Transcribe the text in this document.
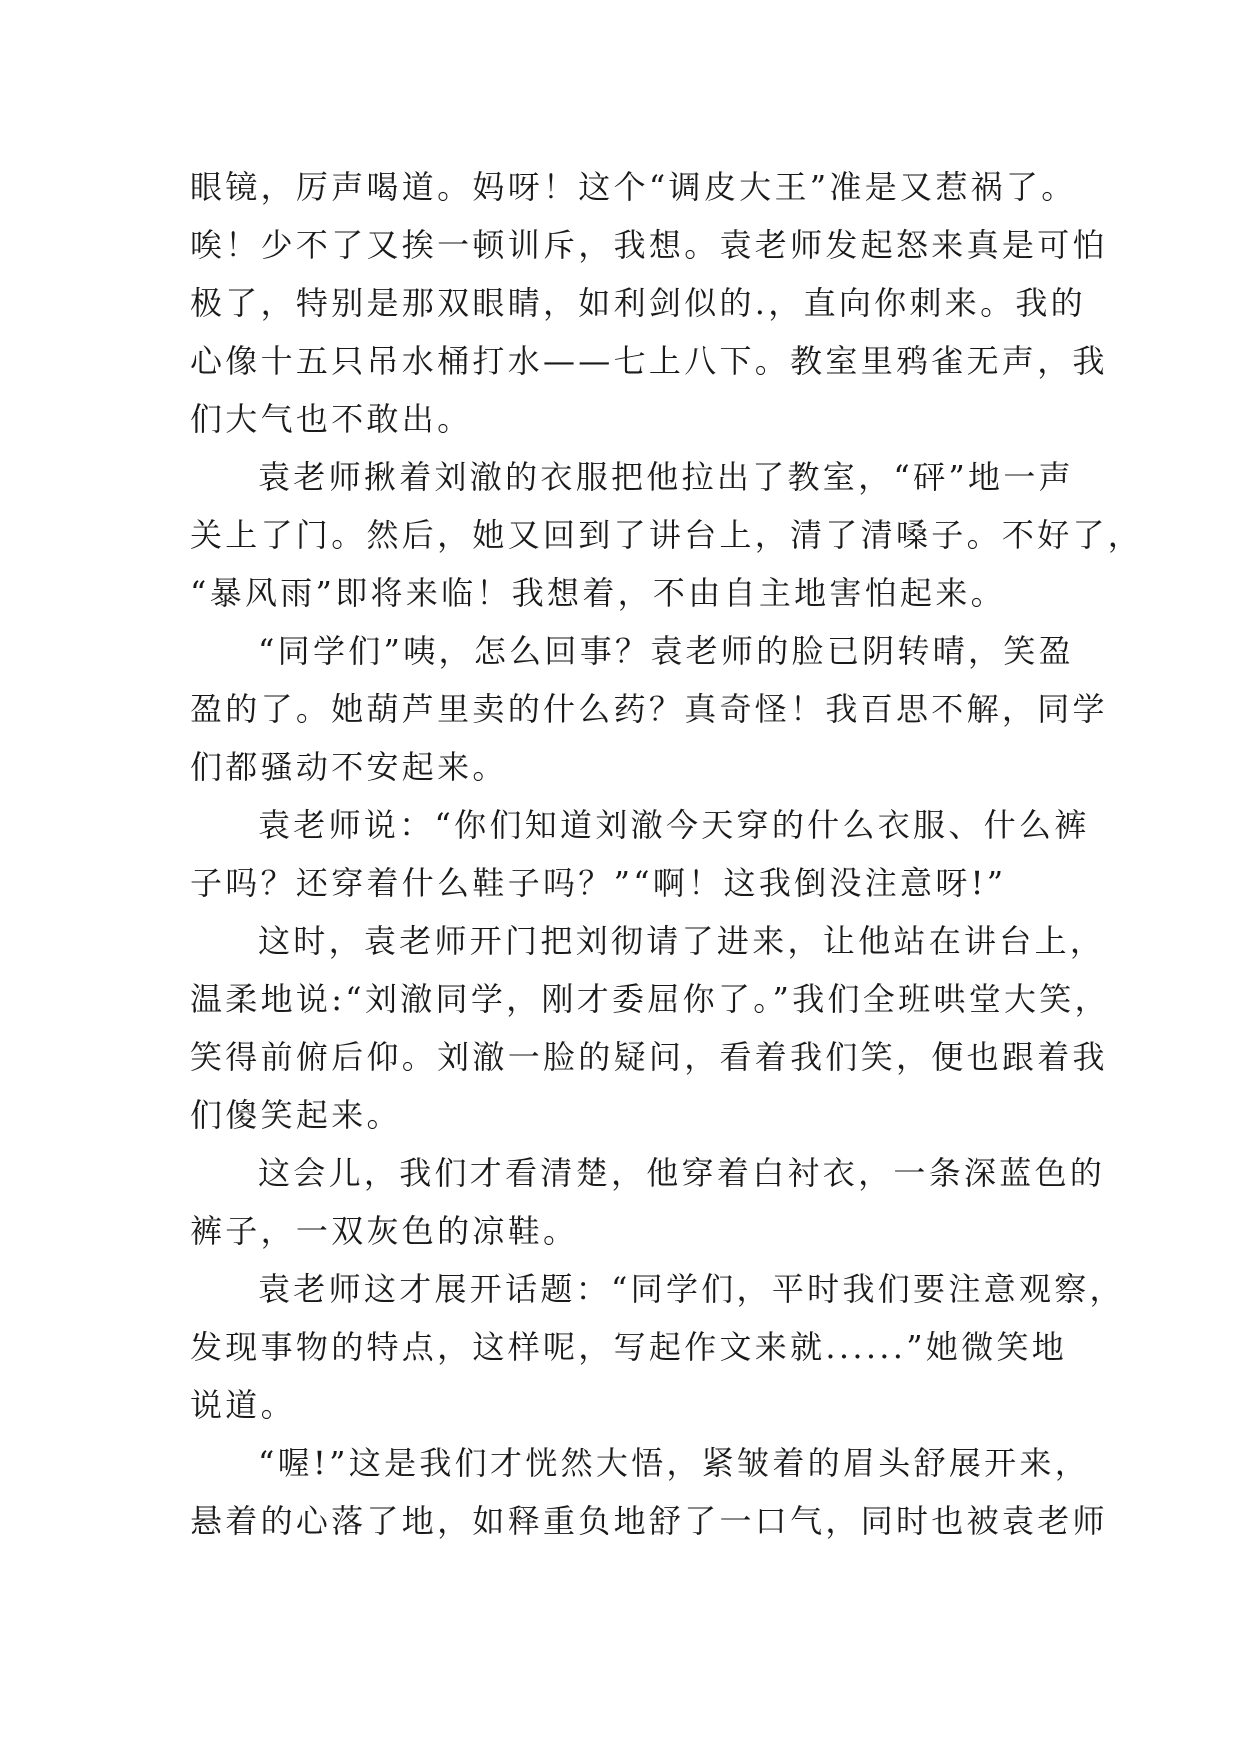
眼镜，厉声喝道。妈呀！这个“调皮大王”准是又惹祸了。
唉！少不了又挨一顿训斥，我想。袁老师发起怒来真是可怕
极了，特别是那双眼睛，如利剑似的.，直向你刺来。我的
心像十五只吊水桶打水——七上八下。教室里鸦雀无声，我
们大气也不敢出。
袁老师揪着刘澈的衣服把他拉出了教室，“砰”地一声
关上了门。然后，她又回到了讲台上，清了清嗓子。不好了，
“暴风雨”即将来临！我想着，不由自主地害怕起来。
“同学们”咦，怎么回事？袁老师的脸已阴转晴，笑盈
盈的了。她葫芦里卖的什么药？真奇怪！我百思不解，同学
们都骚动不安起来。
袁老师说：“你们知道刘澈今天穿的什么衣服、什么裤
子吗？还穿着什么鞋子吗？”“啊！这我倒没注意呀!”
这时，袁老师开门把刘彻请了进来，让他站在讲台上，
温柔地说:“刘澈同学，刚才委屈你了。”我们全班哄堂大笑，
笑得前俯后仰。刘澈一脸的疑问，看着我们笑，便也跟着我
们傻笑起来。
这会儿，我们才看清楚，他穿着白衬衣，一条深蓝色的
裤子，一双灰色的凉鞋。
袁老师这才展开话题：“同学们，平时我们要注意观察，
发现事物的特点，这样呢，写起作文来就......”她微笑地
说道。
“喔!”这是我们才恍然大悟，紧皱着的眉头舒展开来，
悬着的心落了地，如释重负地舒了一口气，同时也被袁老师
